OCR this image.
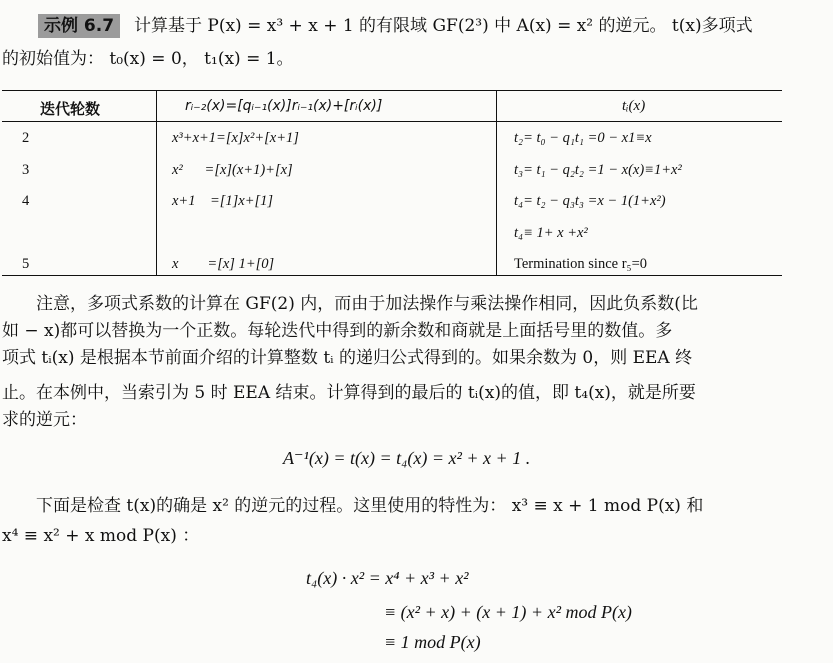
示例 6.7	计算基于 P(x) = x³ + x + 1 的有限域 GF(2³) 中 A(x) = x² 的逆元。 t(x)多项式
的初始值为： t₀(x) = 0， t₁(x) = 1。
迭代轮数	rᵢ₋₂(x)=[qᵢ₋₁(x)]rᵢ₋₁(x)+[rᵢ(x)]	tᵢ(x)
2	x³+x+1=[x]x²+[x+1]	t₂= t₀ − q₁t₁ =0 − x1≡x
3	x²      =[x](x+1)+[x]	t₃= t₁ − q₂t₂ =1 − x(x)≡1+x²
4	x+1    =[1]x+[1]	t₄= t₂ − q₃t₃ =x − 1(1+x²)
t₄≡ 1+ x +x²
5	x        =[x] 1+[0]	Termination since r₅=0
注意，多项式系数的计算在 GF(2) 内，而由于加法操作与乘法操作相同，因此负系数(比
如 − x)都可以替换为一个正数。每轮迭代中得到的新余数和商就是上面括号里的数值。多
项式 tᵢ(x) 是根据本节前面介绍的计算整数 tᵢ 的递归公式得到的。如果余数为 0，则 EEA 终
止。在本例中，当索引为 5 时 EEA 结束。计算得到的最后的 tᵢ(x)的值，即 t₄(x)，就是所要
求的逆元：
A⁻¹(x) = t(x) = t₄(x) = x² + x + 1 .
下面是检查 t(x)的确是 x² 的逆元的过程。这里使用的特性为： x³ ≡ x + 1 mod P(x) 和
x⁴ ≡ x² + x mod P(x) ：
t₄(x) · x² = x⁴ + x³ + x²
≡ (x² + x) + (x + 1) + x² mod P(x)
≡ 1 mod P(x)
